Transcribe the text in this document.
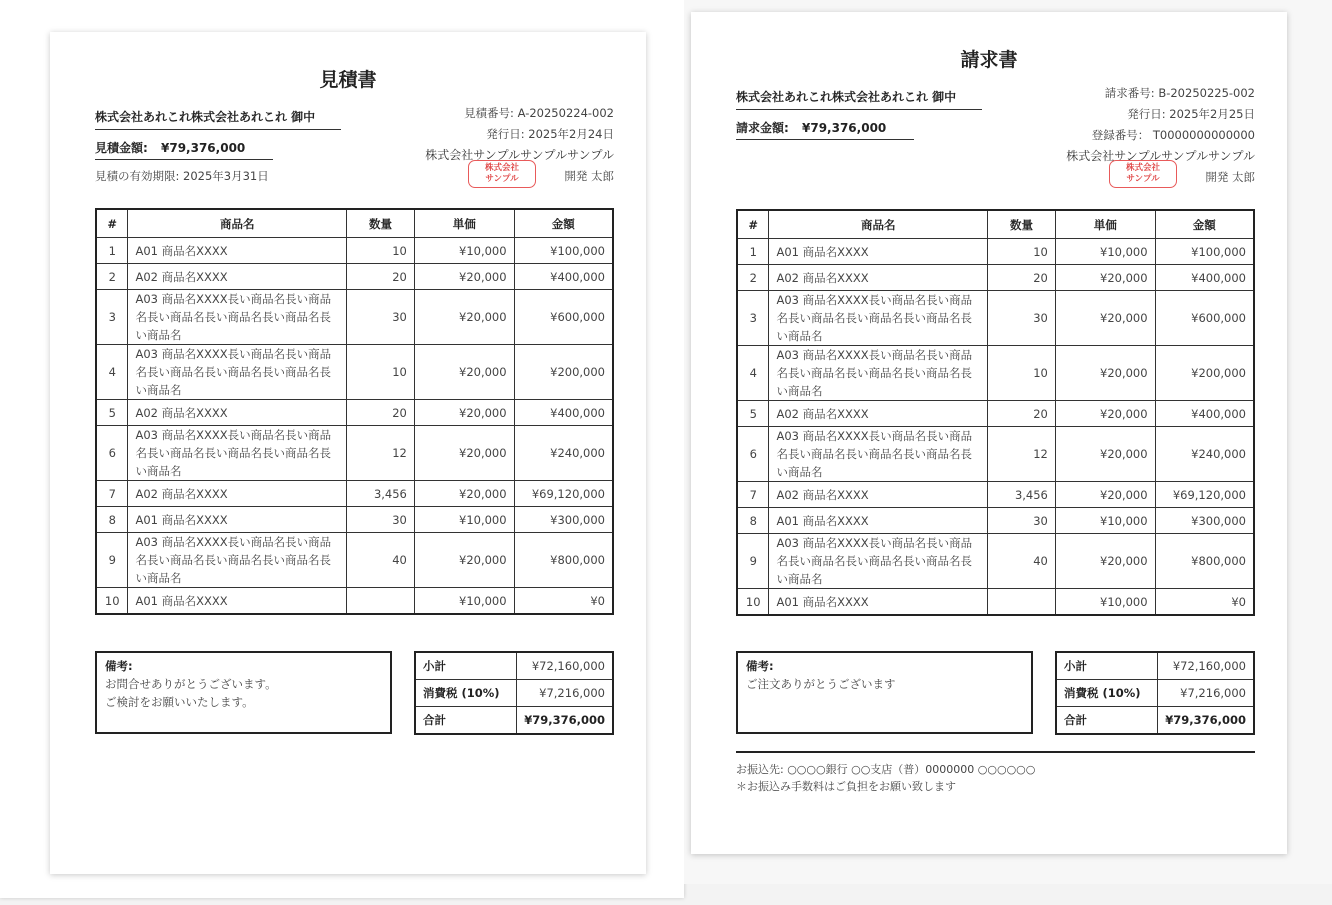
見積書
株式会社あれこれ株式会社あれこれ 御中
見積金額: ¥79,376,000
見積の有効期限: 2025年3月31日
見積番号: A-20250224-002
発行日: 2025年2月24日
株式会社サンプルサンプルサンプル
開発 太郎
株式会社
サンプル
#	商品名	数量	単価	金額
1	A01 商品名XXXX	10	¥10,000	¥100,000
2	A02 商品名XXXX	20	¥20,000	¥400,000
3	A03 商品名XXXX長い商品名長い商品名長い商品名長い商品名長い商品名長い商品名	30	¥20,000	¥600,000
4	A03 商品名XXXX長い商品名長い商品名長い商品名長い商品名長い商品名長い商品名	10	¥20,000	¥200,000
5	A02 商品名XXXX	20	¥20,000	¥400,000
6	A03 商品名XXXX長い商品名長い商品名長い商品名長い商品名長い商品名長い商品名	12	¥20,000	¥240,000
7	A02 商品名XXXX	3,456	¥20,000	¥69,120,000
8	A01 商品名XXXX	30	¥10,000	¥300,000
9	A03 商品名XXXX長い商品名長い商品名長い商品名長い商品名長い商品名長い商品名	40	¥20,000	¥800,000
10	A01 商品名XXXX		¥10,000	¥0
備考:
お問合せありがとうございます。
ご検討をお願いいたします。
小計	¥72,160,000
消費税 (10%)	¥7,216,000
合計	¥79,376,000
請求書
株式会社あれこれ株式会社あれこれ 御中
請求金額: ¥79,376,000
請求番号: B-20250225-002
発行日: 2025年2月25日
登録番号： T0000000000000
株式会社サンプルサンプルサンプル
開発 太郎
株式会社
サンプル
#	商品名	数量	単価	金額
1	A01 商品名XXXX	10	¥10,000	¥100,000
2	A02 商品名XXXX	20	¥20,000	¥400,000
3	A03 商品名XXXX長い商品名長い商品名長い商品名長い商品名長い商品名長い商品名	30	¥20,000	¥600,000
4	A03 商品名XXXX長い商品名長い商品名長い商品名長い商品名長い商品名長い商品名	10	¥20,000	¥200,000
5	A02 商品名XXXX	20	¥20,000	¥400,000
6	A03 商品名XXXX長い商品名長い商品名長い商品名長い商品名長い商品名長い商品名	12	¥20,000	¥240,000
7	A02 商品名XXXX	3,456	¥20,000	¥69,120,000
8	A01 商品名XXXX	30	¥10,000	¥300,000
9	A03 商品名XXXX長い商品名長い商品名長い商品名長い商品名長い商品名長い商品名	40	¥20,000	¥800,000
10	A01 商品名XXXX		¥10,000	¥0
備考:
ご注文ありがとうございます
小計	¥72,160,000
消費税 (10%)	¥7,216,000
合計	¥79,376,000
お振込先: ○○○○銀行 ○○支店（普）0000000 ○○○○○○
＊お振込み手数料はご負担をお願い致します
